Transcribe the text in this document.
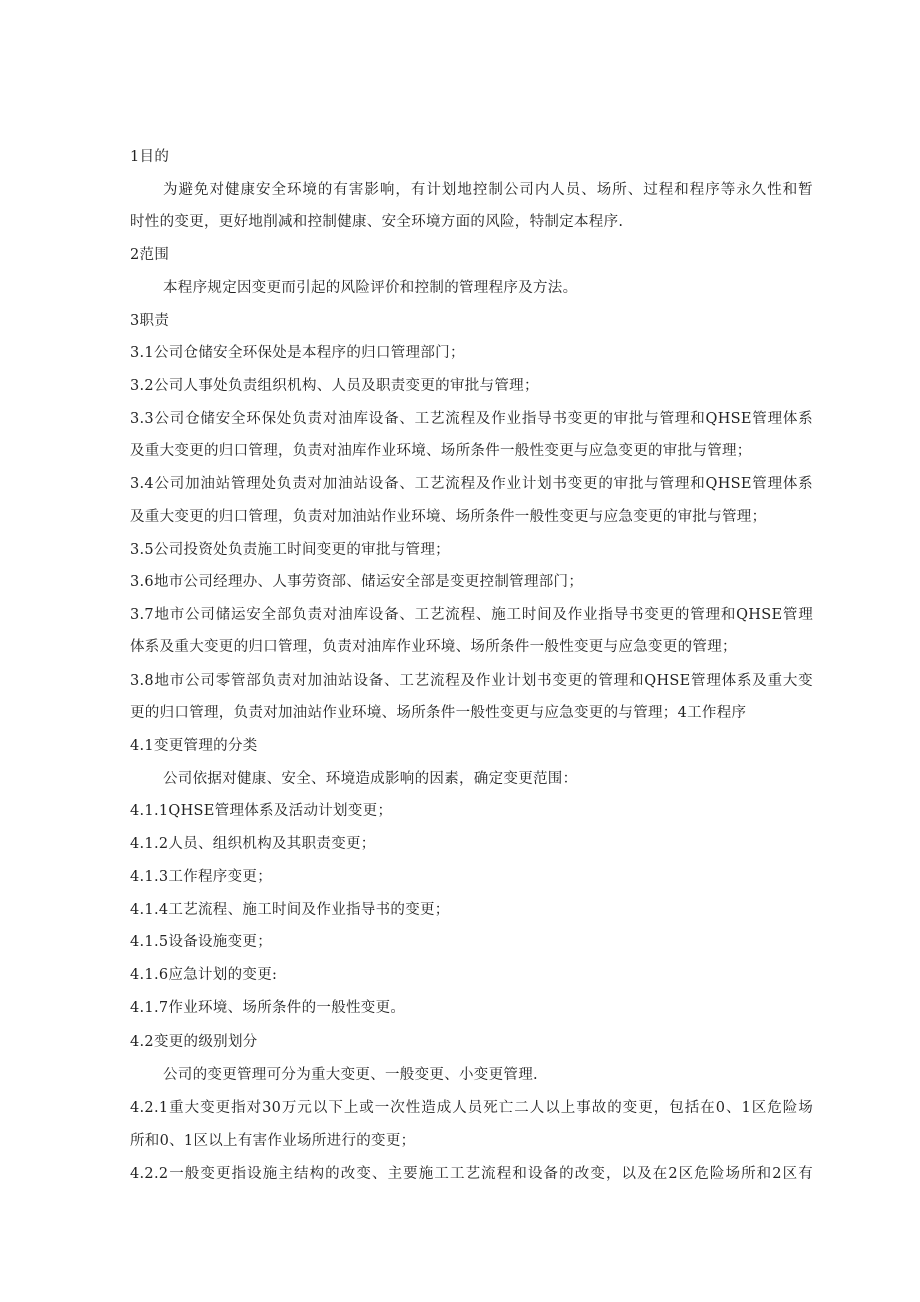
1目的
为避免对健康安全环境的有害影响，有计划地控制公司内人员、场所、过程和程序等永久性和暂
时性的变更，更好地削减和控制健康、安全环境方面的风险，特制定本程序.
2范围
本程序规定因变更而引起的风险评价和控制的管理程序及方法。
3职责
3.1公司仓储安全环保处是本程序的归口管理部门；
3.2公司人事处负责组织机构、人员及职责变更的审批与管理；
3.3公司仓储安全环保处负责对油库设备、工艺流程及作业指导书变更的审批与管理和QHSE管理体系
及重大变更的归口管理，负责对油库作业环境、场所条件一般性变更与应急变更的审批与管理；
3.4公司加油站管理处负责对加油站设备、工艺流程及作业计划书变更的审批与管理和QHSE管理体系
及重大变更的归口管理，负责对加油站作业环境、场所条件一般性变更与应急变更的审批与管理；
3.5公司投资处负责施工时间变更的审批与管理；
3.6地市公司经理办、人事劳资部、储运安全部是变更控制管理部门；
3.7地市公司储运安全部负责对油库设备、工艺流程、施工时间及作业指导书变更的管理和QHSE管理
体系及重大变更的归口管理，负责对油库作业环境、场所条件一般性变更与应急变更的管理；
3.8地市公司零管部负责对加油站设备、工艺流程及作业计划书变更的管理和QHSE管理体系及重大变
更的归口管理，负责对加油站作业环境、场所条件一般性变更与应急变更的与管理；4工作程序
4.1变更管理的分类
公司依据对健康、安全、环境造成影响的因素，确定变更范围：
4.1.1QHSE管理体系及活动计划变更；
4.1.2人员、组织机构及其职责变更；
4.1.3工作程序变更；
4.1.4工艺流程、施工时间及作业指导书的变更；
4.1.5设备设施变更；
4.1.6应急计划的变更:
4.1.7作业环境、场所条件的一般性变更。
4.2变更的级别划分
公司的变更管理可分为重大变更、一般变更、小变更管理.
4.2.1重大变更指对30万元以下上或一次性造成人员死亡二人以上事故的变更，包括在0、1区危险场
所和0、1区以上有害作业场所进行的变更；
4.2.2一般变更指设施主结构的改变、主要施工工艺流程和设备的改变，以及在2区危险场所和2区有
